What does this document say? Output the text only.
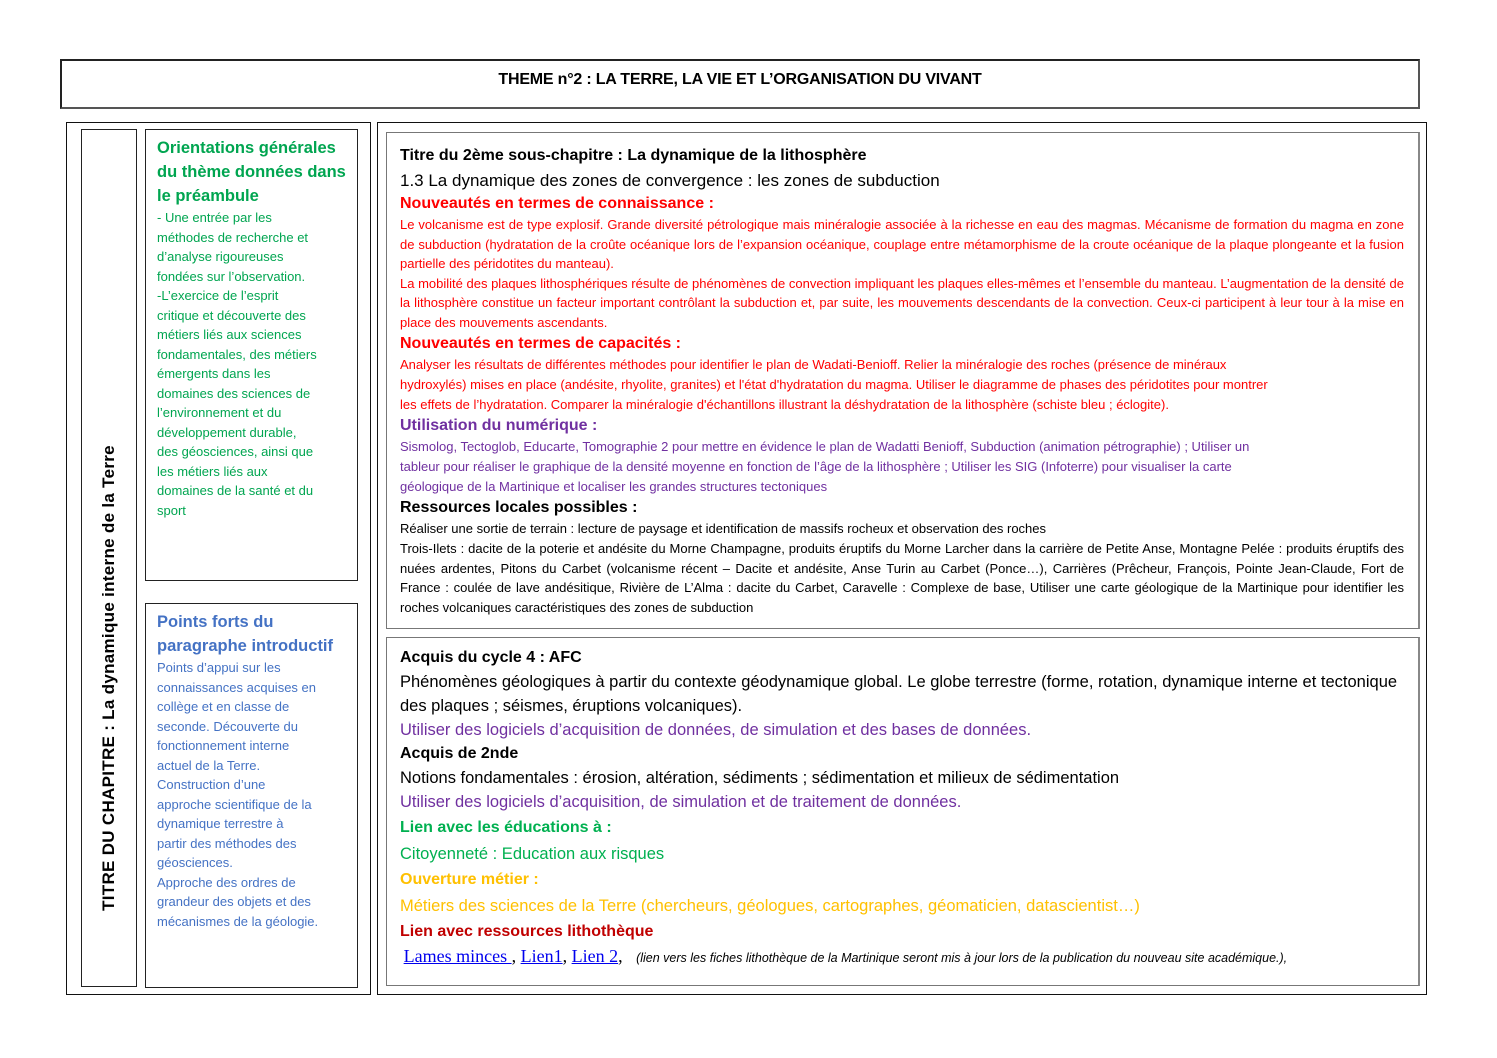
THEME n°2 : LA TERRE, LA VIE ET L’ORGANISATION DU VIVANT
TITRE DU CHAPITRE : La dynamique interne de la Terre
Orientations générales du thème données dans le préambule
- Une entrée par les
méthodes de recherche et
d’analyse rigoureuses
fondées sur l’observation.
-L’exercice de l’esprit
critique et découverte des
métiers liés aux sciences
fondamentales, des métiers
émergents dans les
domaines des sciences de
l’environnement et du
développement durable,
des géosciences, ainsi que
les métiers liés aux
domaines de la santé et du
sport
Points forts du paragraphe introductif
Points d’appui sur les
connaissances acquises en
collège et en classe de
seconde. Découverte du
fonctionnement interne
actuel de la Terre.
Construction d’une
approche scientifique de la
dynamique terrestre à
partir des méthodes des
géosciences.
Approche des ordres de
grandeur des objets et des
mécanismes de la géologie.
Titre du 2ème sous-chapitre : La dynamique de la lithosphère
1.3 La dynamique des zones de convergence : les zones de subduction
Nouveautés en termes de connaissance :
Le volcanisme est de type explosif. Grande diversité pétrologique mais minéralogie associée à la richesse en eau des magmas. Mécanisme de formation du magma en zone de subduction (hydratation de la croûte océanique lors de l’expansion océanique, couplage entre métamorphisme de la croute océanique de la plaque plongeante et la fusion partielle des péridotites du manteau).
La mobilité des plaques lithosphériques résulte de phénomènes de convection impliquant les plaques elles-mêmes et l’ensemble du manteau. L’augmentation de la densité de la lithosphère constitue un facteur important contrôlant la subduction et, par suite, les mouvements descendants de la convection. Ceux-ci participent à leur tour à la mise en place des mouvements ascendants.
Nouveautés en termes de capacités :
Analyser les résultats de différentes méthodes pour identifier le plan de Wadati-Benioff. Relier la minéralogie des roches (présence de minéraux
hydroxylés) mises en place (andésite, rhyolite, granites) et l'état d'hydratation du magma. Utiliser le diagramme de phases des péridotites pour montrer
les effets de l’hydratation. Comparer la minéralogie d'échantillons illustrant la déshydratation de la lithosphère (schiste bleu ; éclogite).
Utilisation du numérique :
Sismolog, Tectoglob, Educarte, Tomographie 2 pour mettre en évidence le plan de Wadatti Benioff, Subduction (animation pétrographie) ; Utiliser un
tableur pour réaliser le graphique de la densité moyenne en fonction de l’âge de la lithosphère ; Utiliser les SIG (Infoterre) pour visualiser la carte
géologique de la Martinique et localiser les grandes structures tectoniques
Ressources locales possibles :
Réaliser une sortie de terrain : lecture de paysage et identification de massifs rocheux et observation des roches
Trois-Ilets : dacite de la poterie et andésite du Morne Champagne, produits éruptifs du Morne Larcher dans la carrière de Petite Anse, Montagne Pelée : produits éruptifs des nuées ardentes, Pitons du Carbet (volcanisme récent – Dacite et andésite, Anse Turin au Carbet (Ponce…), Carrières (Prêcheur, François, Pointe Jean-Claude, Fort de France : coulée de lave andésitique, Rivière de L’Alma : dacite du Carbet, Caravelle : Complexe de base, Utiliser une carte géologique de la Martinique pour identifier les roches volcaniques caractéristiques des zones de subduction
Acquis du cycle 4 : AFC
Phénomènes géologiques à partir du contexte géodynamique global. Le globe terrestre (forme, rotation, dynamique interne et tectonique des plaques ; séismes, éruptions volcaniques).
Utiliser des logiciels d’acquisition de données, de simulation et des bases de données.
Acquis de 2nde
Notions fondamentales : érosion, altération, sédiments ; sédimentation et milieux de sédimentation
Utiliser des logiciels d’acquisition, de simulation et de traitement de données.
Lien avec les éducations à :
Citoyenneté : Education aux risques
Ouverture métier :
Métiers des sciences de la Terre (chercheurs, géologues, cartographes, géomaticien, datascientist…)
Lien avec ressources lithothèque
Lames minces , Lien1, Lien 2,   (lien vers les fiches lithothèque de la Martinique seront mis à jour lors de la publication du nouveau site académique.),
